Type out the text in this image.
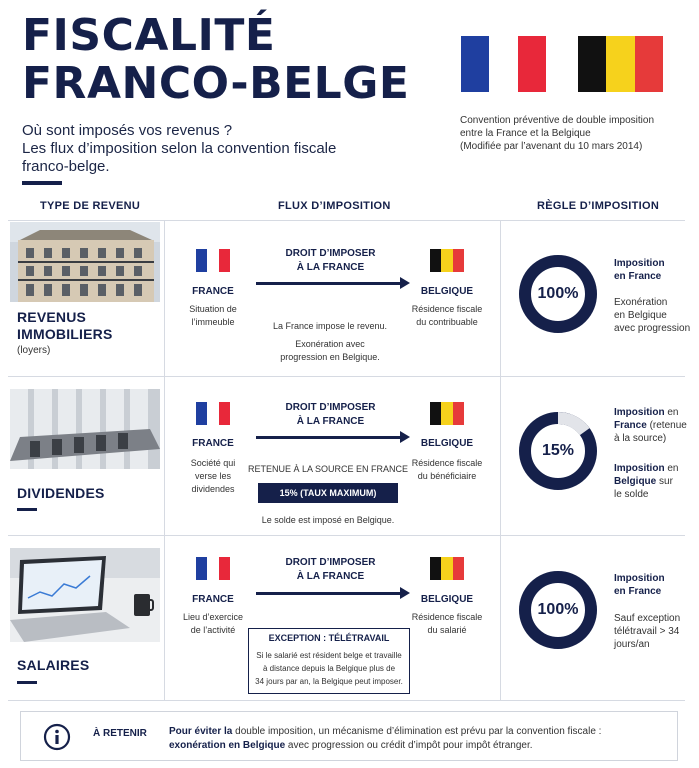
FISCALITÉ
FRANCO-BELGE
Où sont imposés vos revenus ?
Les flux d’imposition selon la convention fiscale
franco-belge.
Convention préventive de double imposition
entre la France et la Belgique
(Modifiée par l’avenant du 10 mars 2014)
TYPE DE REVENU	FLUX D’IMPOSITION	RÈGLE D’IMPOSITION
REVENUS
IMMOBILIERS
(loyers)
FRANCE
Situation de
l’immeuble
DROIT D’IMPOSER
À LA FRANCE
BELGIQUE
Résidence fiscale
du contribuable
La France impose le revenu.
Exonération avec
progression en Belgique.
100%
Imposition
en France
Exonération
en Belgique
avec progression
DIVIDENDES
FRANCE
Société qui
verse les
dividendes
DROIT D’IMPOSER
À LA FRANCE
BELGIQUE
Résidence fiscale
du bénéficiaire
RETENUE À LA SOURCE EN FRANCE
15% (TAUX MAXIMUM)
Le solde est imposé en Belgique.
15%
Imposition en
France (retenue
à la source)
Imposition en
Belgique sur
le solde
SALAIRES
FRANCE
Lieu d’exercice
de l’activité
DROIT D’IMPOSER
À LA FRANCE
BELGIQUE
Résidence fiscale
du salarié
EXCEPTION : TÉLÉTRAVAIL
Si le salarié est résident belge et travaille
à distance depuis la Belgique plus de
34 jours par an, la Belgique peut imposer.
100%
Imposition
en France
Sauf exception
télétravail > 34
jours/an
À RETENIR Pour éviter la double imposition, un mécanisme d’élimination est prévu par la convention fiscale :
exonération en Belgique avec progression ou crédit d’impôt pour impôt étranger.
